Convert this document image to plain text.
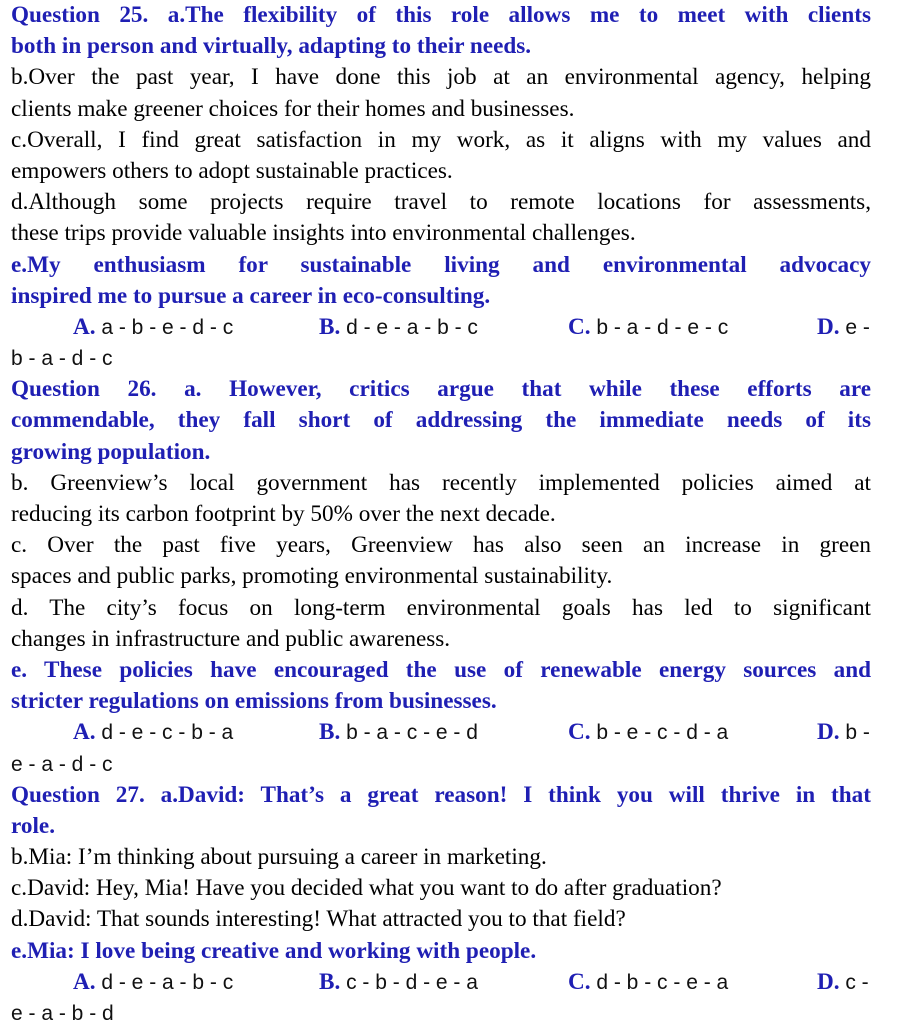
Question 25. a.The flexibility of this role allows me to meet with clients
both in person and virtually, adapting to their needs.
b.Over the past year, I have done this job at an environmental agency, helping
clients make greener choices for their homes and businesses.
c.Overall, I find great satisfaction in my work, as it aligns with my values and
empowers others to adopt sustainable practices.
d.Although some projects require travel to remote locations for assessments,
these trips provide valuable insights into environmental challenges.
e.My enthusiasm for sustainable living and environmental advocacy
inspired me to pursue a career in eco-consulting.
A. a - b - e - d - c	B. d - e - a - b - c	C. b - a - d - e - c	D. e -
b - a - d - c
Question 26. a. However, critics argue that while these efforts are
commendable, they fall short of addressing the immediate needs of its
growing population.
b. Greenview’s local government has recently implemented policies aimed at
reducing its carbon footprint by 50% over the next decade.
c. Over the past five years, Greenview has also seen an increase in green
spaces and public parks, promoting environmental sustainability.
d. The city’s focus on long-term environmental goals has led to significant
changes in infrastructure and public awareness.
e. These policies have encouraged the use of renewable energy sources and
stricter regulations on emissions from businesses.
A. d - e - c - b - a	B. b - a - c - e - d	C. b - e - c - d - a	D. b -
e - a - d - c
Question 27. a.David: That’s a great reason! I think you will thrive in that
role.
b.Mia: I’m thinking about pursuing a career in marketing.
c.David: Hey, Mia! Have you decided what you want to do after graduation?
d.David: That sounds interesting! What attracted you to that field?
e.Mia: I love being creative and working with people.
A. d - e - a - b - c	B. c - b - d - e - a	C. d - b - c - e - a	D. c -
e - a - b - d
